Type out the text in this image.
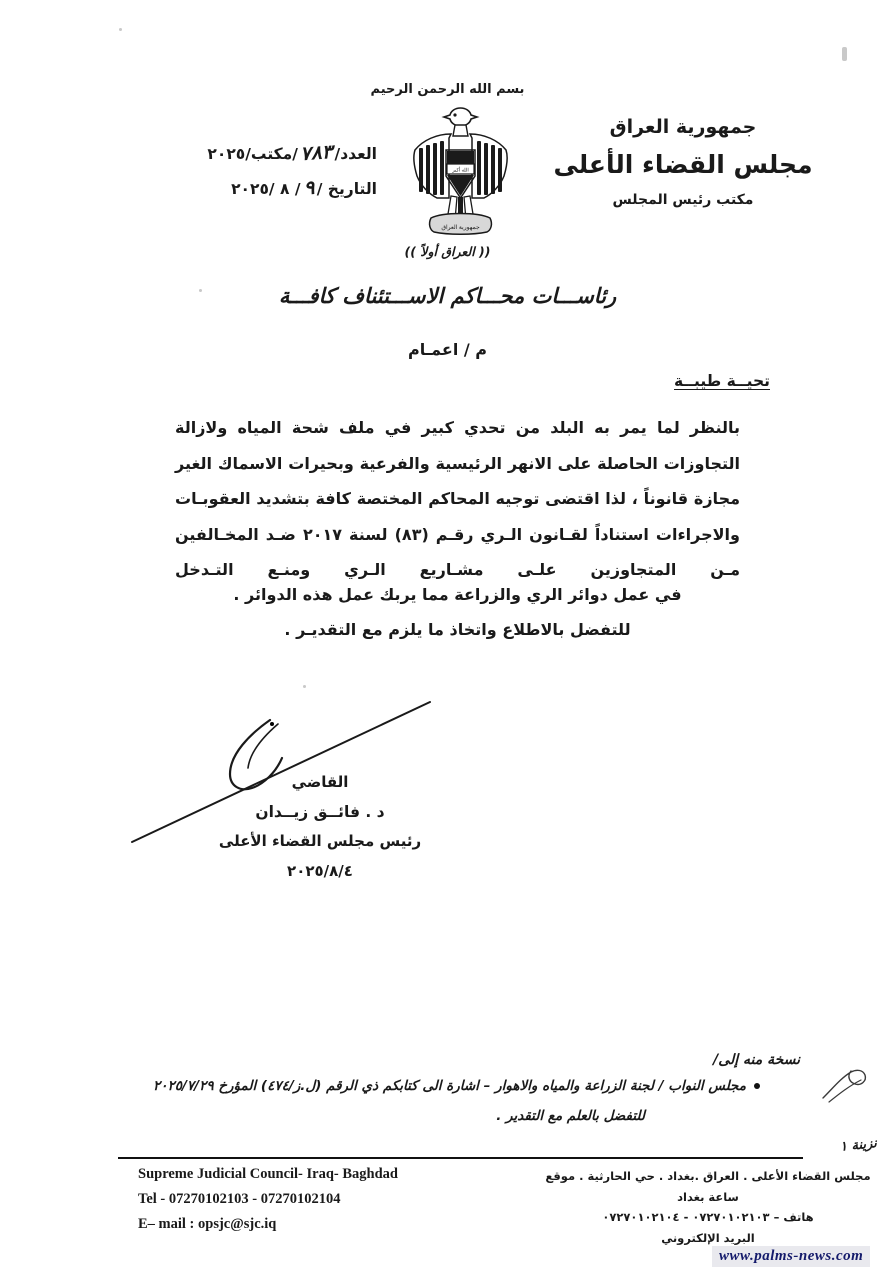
بسم الله الرحمن الرحيم
الله أكبر
جمهورية العراق
جمهورية العراق
مجلس القضاء الأعلى
مكتب رئيس المجلس
العدد/٧٨٣/مكتب/٢٠٢٥
التاريخ /٩/ ٨ /٢٠٢٥
(( العراق أولاً ))
رئاســـات محـــاكم الاســـتئناف كافـــة
م / اعمـام
تحيــة طيبــة

بالنظر لما يمر به البلد من تحدي كبير في ملف شحة المياه ولازالة التجاوزات الحاصلة على الانهر الرئيسية والفرعية وبحيرات الاسماك الغير مجازة قانوناً ، لذا اقتضى توجيه المحاكم المختصة كافة بتشديد العقوبـات والاجراءات استناداً لقـانون الـري رقـم (٨٣) لسنة ٢٠١٧ ضـد المخـالفين مـن المتجاوزين علـى مشـاريع الـري ومنـع التـدخل

في عمل دوائر الري والزراعة مما يربك عمل هذه الدوائر .
للتفضل بالاطلاع واتخاذ ما يلزم مع التقديـر .
القاضي
د . فائــق زيــدان
رئيس مجلس القضاء الأعلى
٢٠٢٥/٨/٤
نسخة منه إلى/
مجلس النواب / لجنة الزراعة والمياه والاهوار – اشارة الى كتابكم ذي الرقم (ل.ز/٤٧٤) المؤرخ ٢٠٢٥/٧/٢٩
للتفضل بالعلم مع التقدير .
نزينة ١
Supreme Judicial Council- Iraq- Baghdad
Tel - 07270102103 - 07270102104
E– mail : opsjc@sjc.iq
مجلس القضاء الأعلى . العراق .بغداد . حي الحارثية . موقع ساعة بغداد
هاتف – ٠٧٢٧٠١٠٢١٠٣ - ٠٧٢٧٠١٠٢١٠٤
البريد الإلكتروني
www.palms-news.com
